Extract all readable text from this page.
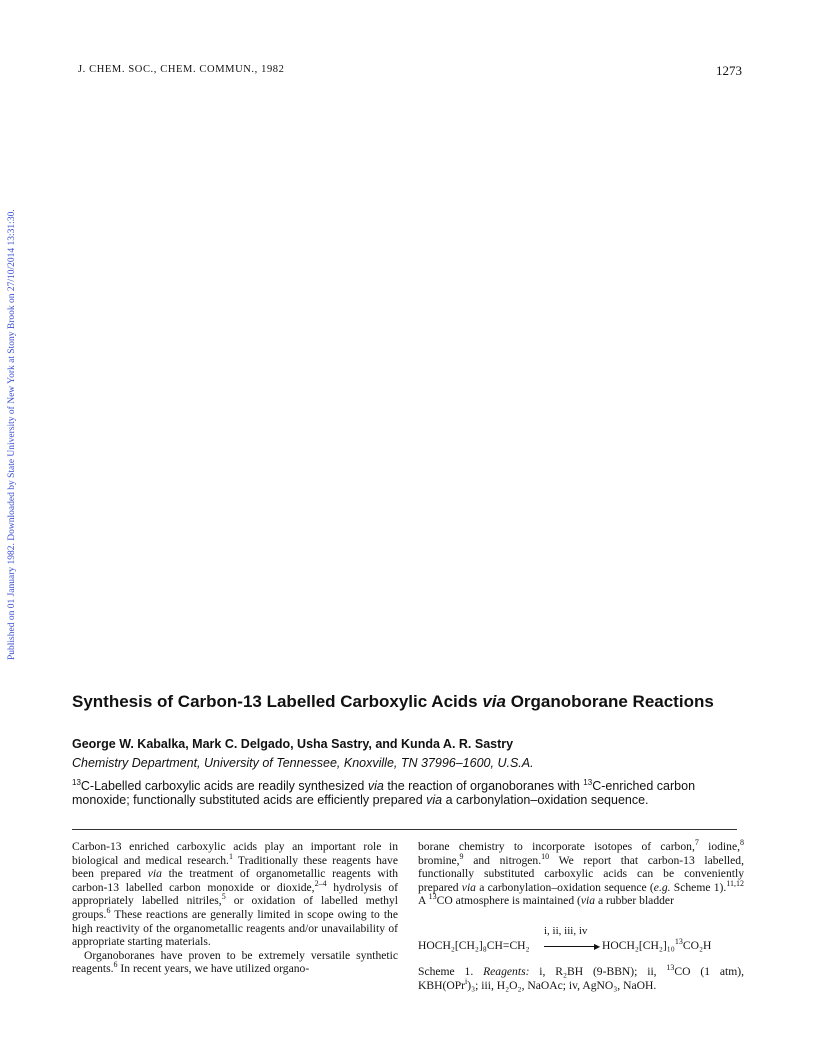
J. CHEM. SOC., CHEM. COMMUN., 1982	1273
Published on 01 January 1982. Downloaded by State University of New York at Stony Brook on 27/10/2014 13:31:30.
Synthesis of Carbon-13 Labelled Carboxylic Acids via Organoborane Reactions
George W. Kabalka, Mark C. Delgado, Usha Sastry, and Kunda A. R. Sastry
Chemistry Department, University of Tennessee, Knoxville, TN 37996–1600, U.S.A.
$^{13}$C-Labelled carboxylic acids are readily synthesized via the reaction of organoboranes with $^{13}$C-enriched carbon monoxide; functionally substituted acids are efficiently prepared via a carbonylation–oxidation sequence.

Carbon-13 enriched carboxylic acids play an important role in biological and medical research.$^1$ Traditionally these reagents have been prepared via the treatment of organometallic reagents with carbon-13 labelled carbon monoxide or dioxide,$^{2-4}$ hydrolysis of appropriately labelled nitriles,$^5$ or oxidation of labelled methyl groups.$^6$ These reactions are generally limited in scope owing to the high reactivity of the organometallic reagents and/or unavailability of appropriate starting materials.

Organoboranes have proven to be extremely versatile synthetic reagents.$^6$ In recent years, we have utilized organo-

borane chemistry to incorporate isotopes of carbon,$^7$ iodine,$^8$ bromine,$^9$ and nitrogen.$^{10}$ We report that carbon-13 labelled, functionally substituted carboxylic acids can be conveniently prepared via a carbonylation–oxidation sequence (e.g. Scheme 1).$^{11,12}$ A $^{13}$CO atmosphere is maintained (via a rubber bladder

i, ii, iii, iv
HOCH₂[CH₂]₈CH=CH₂	▶ HOCH₂[CH₂]₁₀$^{13}$CO₂H
Scheme 1. Reagents: i, R₂BH (9-BBN); ii, $^{13}$CO (1 atm), KBH(OPr$^i$)₃; iii, H₂O₂, NaOAc; iv, AgNO₃, NaOH.
